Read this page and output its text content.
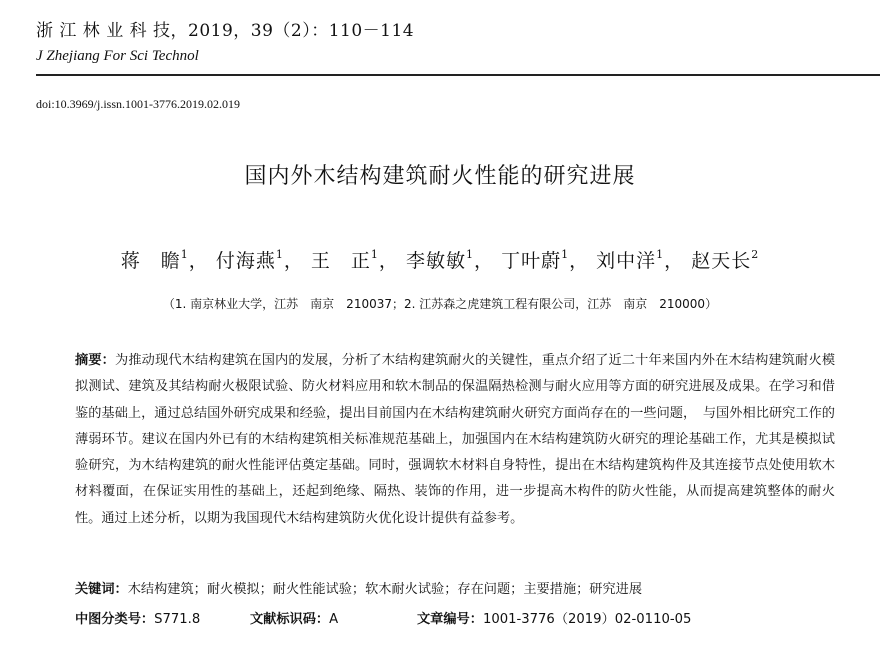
浙 江 林 业 科 技，2019，39（2）：110－114
J Zhejiang For Sci Technol
doi:10.3969/j.issn.1001-3776.2019.02.019
国内外木结构建筑耐火性能的研究进展
蒋　瞻$^1$， 付海燕$^1$， 王　正$^1$， 李敏敏$^1$， 丁叶蔚$^1$， 刘中洋$^1$， 赵天长$^2$
（1. 南京林业大学，江苏　南京　210037；2. 江苏森之虎建筑工程有限公司，江苏　南京　210000）
摘要：为推动现代木结构建筑在国内的发展，分析了木结构建筑耐火的关键性，重点介绍了近二十年来国内外在木结构建筑耐火模拟测试、建筑及其结构耐火极限试验、防火材料应用和软木制品的保温隔热检测与耐火应用等方面的研究进展及成果。在学习和借鉴的基础上，通过总结国外研究成果和经验，提出目前国内在木结构建筑耐火研究方面尚存在的一些问题，　与国外相比研究工作的薄弱环节。建议在国内外已有的木结构建筑相关标准规范基础上，加强国内在木结构建筑防火研究的理论基础工作，尤其是模拟试验研究，为木结构建筑的耐火性能评估奠定基础。同时，强调软木材料自身特性，提出在木结构建筑构件及其连接节点处使用软木材料覆面，在保证实用性的基础上，还起到绝缘、隔热、装饰的作用，进一步提高木构件的防火性能，从而提高建筑整体的耐火性。通过上述分析，以期为我国现代木结构建筑防火优化设计提供有益参考。
关键词：木结构建筑；耐火模拟；耐火性能试验；软木耐火试验；存在问题；主要措施；研究进展
中图分类号：S771.8	文献标识码：A	文章编号：1001-3776（2019）02-0110-05
